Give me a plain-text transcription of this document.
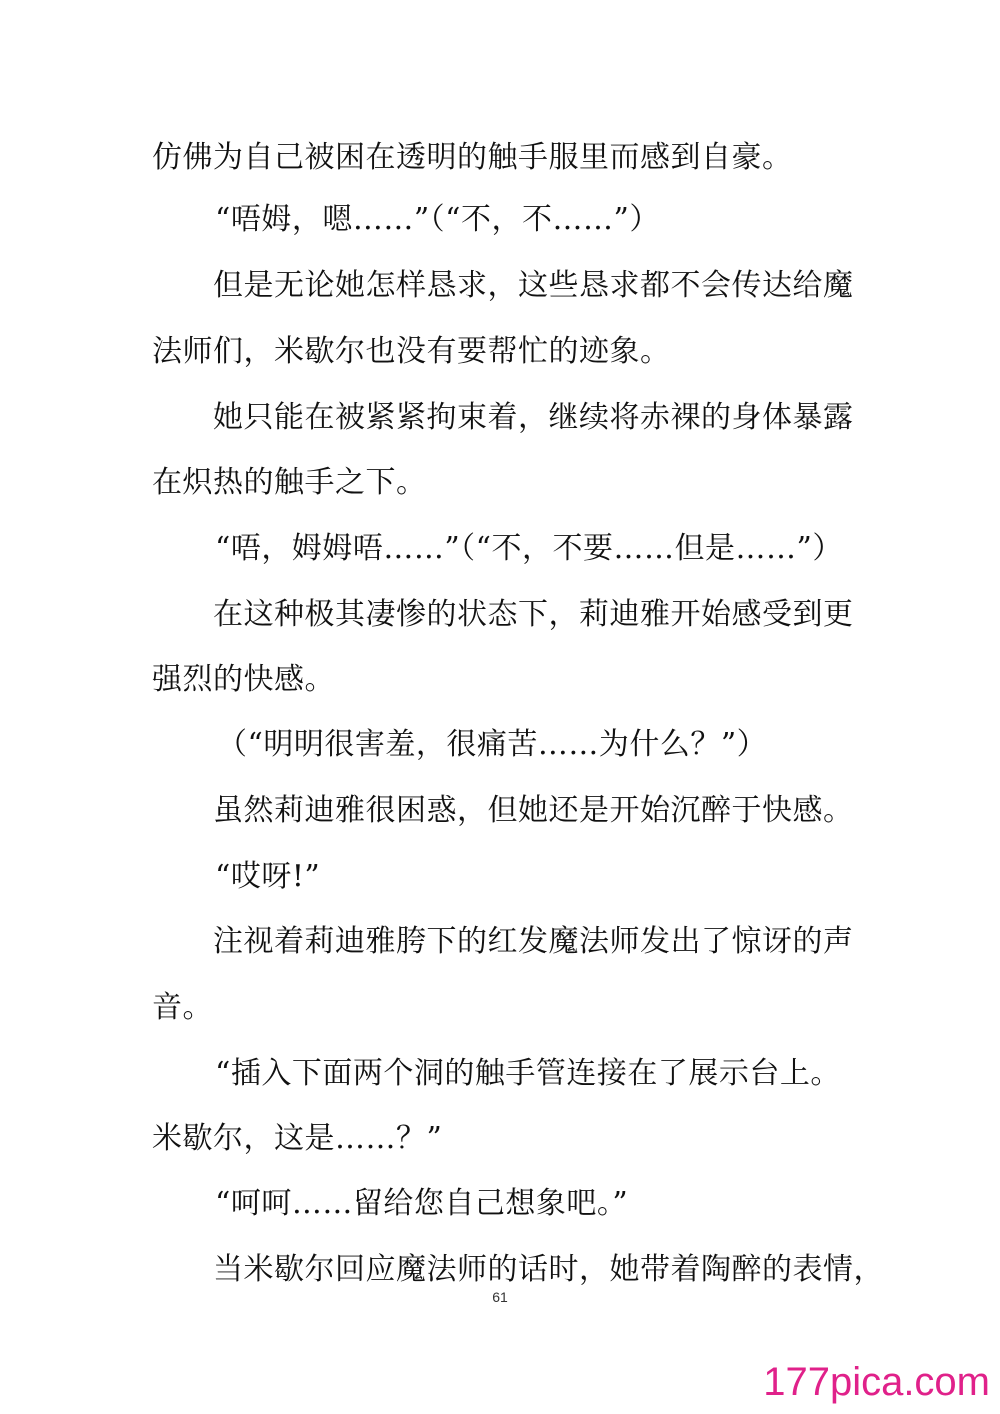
仿佛为自己被困在透明的触手服里而感到自豪。
“唔姆，嗯……”（“不，不……”）
但是无论她怎样恳求，这些恳求都不会传达给魔
法师们，米歇尔也没有要帮忙的迹象。
她只能在被紧紧拘束着，继续将赤裸的身体暴露
在炽热的触手之下。
“唔，姆姆唔……”（“不，不要……但是……”）
在这种极其凄惨的状态下，莉迪雅开始感受到更
强烈的快感。
（“明明很害羞，很痛苦……为什么？”）
虽然莉迪雅很困惑，但她还是开始沉醉于快感。
“哎呀!”
注视着莉迪雅胯下的红发魔法师发出了惊讶的声
音。
“插入下面两个洞的触手管连接在了展示台上。
米歇尔，这是……？”
“呵呵……留给您自己想象吧。”
当米歇尔回应魔法师的话时，她带着陶醉的表情，
61
177pica.com
